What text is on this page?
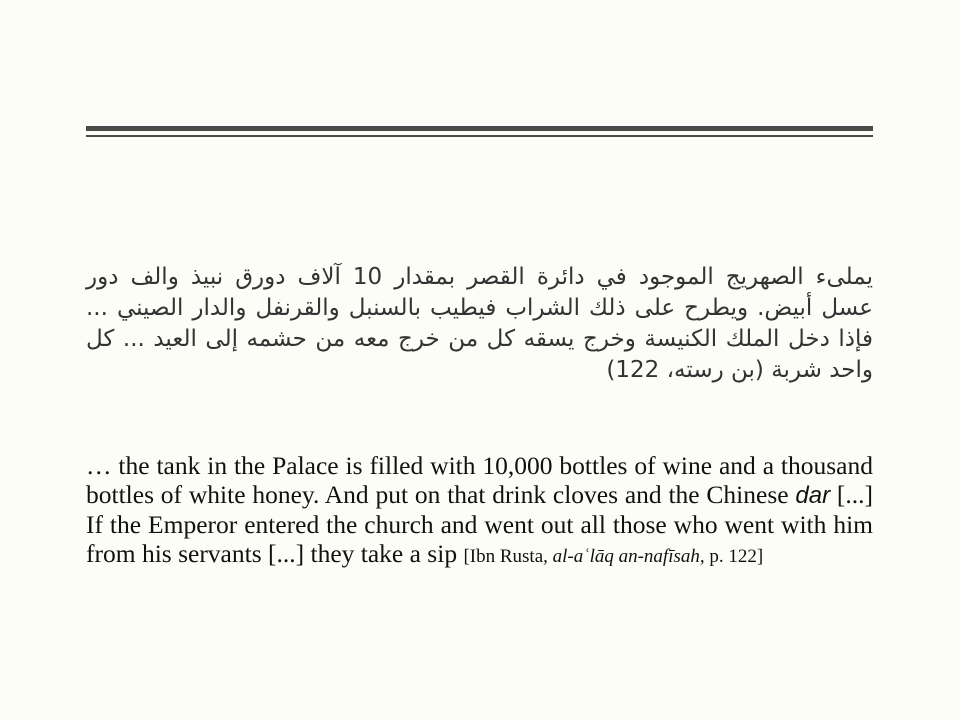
يملىء الصهريج الموجود في دائرة القصر بمقدار 10 آلاف دورق نبيذ والف دور عسل أبيض. ويطرح على ذلك الشراب فيطيب بالسنبل والقرنفل والدار الصيني ... فإذا دخل الملك الكنيسة وخرج يسقه كل من خرج معه من حشمه إلى العيد ... كل واحد شربة (بن رسته، 122)
… the tank in the Palace is filled with 10,000 bottles of wine and a thousand bottles of white honey. And put on that drink cloves and the Chinese dar [...] If the Emperor entered the church and went out all those who went with him from his servants [...] they take a sip [Ibn Rusta, al-aʿlāq an-nafīsah, p. 122]
